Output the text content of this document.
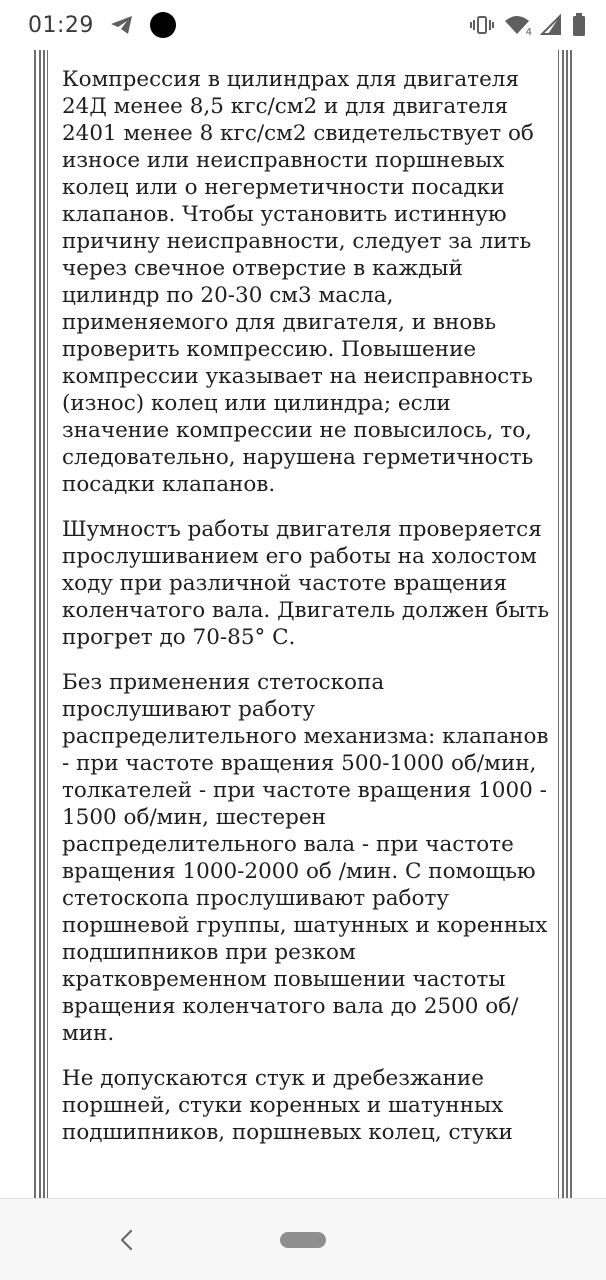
01:29	4

Компрессия в цилиндрах для двигателя 24Д менее 8,5 кгс/см2 и для двигателя 2401 менее 8 кгс/см2 свидетельствует об износе или неисправности поршневых колец или о негерметичности посадки клапанов. Чтобы установить истинную причину неисправности, следует за лить через свечное отверстие в каждый цилиндр по 20-30 см3 масла, применяемого для двигателя, и вновь проверить компрессию. Повышение компрессии указывает на неисправность (износ) колец или цилиндра; если значение компрессии не повысилось, то, следовательно, нарушена герметичность посадки клапанов.

Шумностъ работы двигателя проверяется прослушиванием его работы на холостом ходу при различной частоте вращения коленчатого вала. Двигатель должен быть прогрет до 70-85° С.

Без применения стетоскопа прослушивают работу распределительного механизма: клапанов - при частоте вращения 500-1000 об/мин, толкателей - при частоте вращения 1000 - 1500 об/мин, шестерен распределительного вала - при частоте вращения 1000-2000 об /мин. С помощью стетоскопа прослушивают работу поршневой группы, шатунных и коренных подшипников при резком кратковременном повышении частоты вращения коленчатого вала до 2500 об/мин.

Не допускаются стук и дребезжание поршней, стуки коренных и шатунных подшипников, поршневых колец, стуки
